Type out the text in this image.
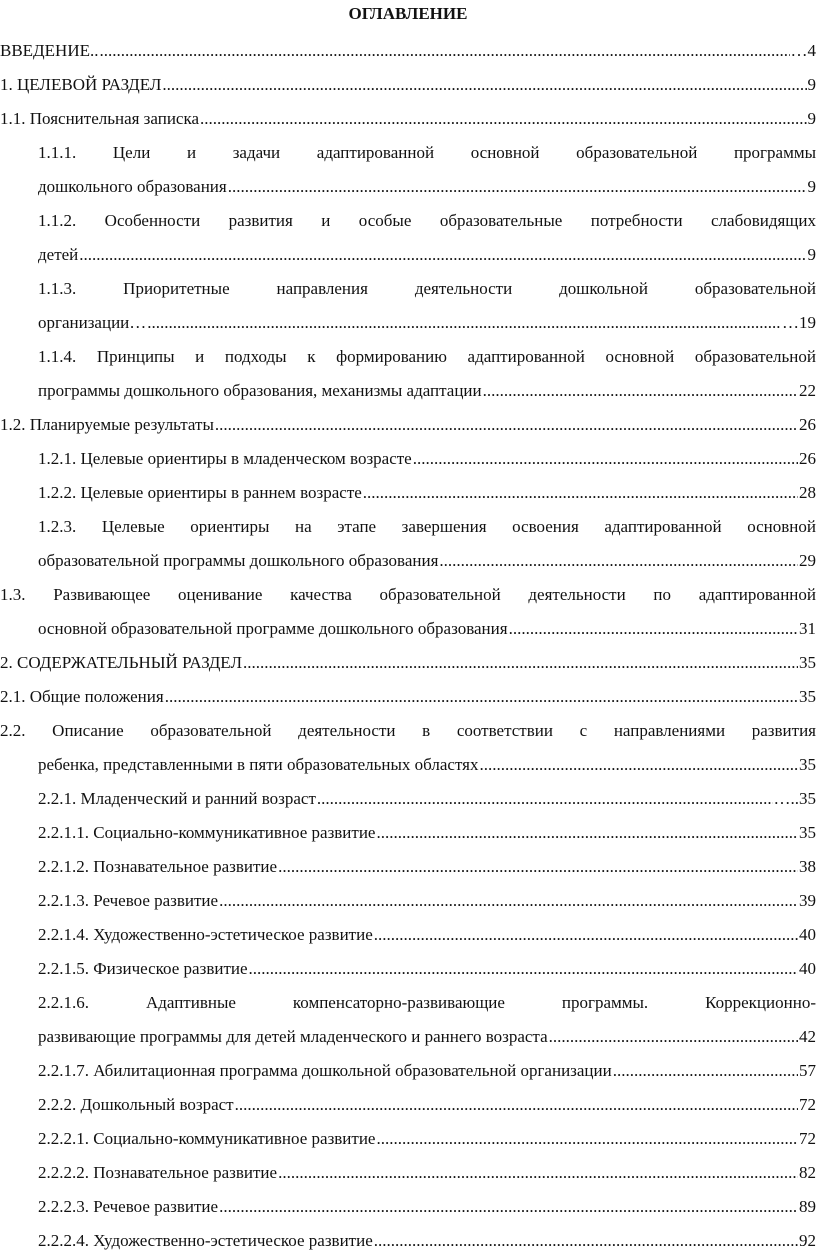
ОГЛАВЛЕНИЕ
ВВЕДЕНИЕ.. .....	… 4
1. ЦЕЛЕВОЙ РАЗДЕЛ .....	9
1.1. Пояснительная записка .....	9
1.1.1. Цели и задачи адаптированной основной образовательной программы
дошкольного образования .....	9
1.1.2. Особенности развития и особые образовательные потребности слабовидящих
детей .....	9
1.1.3. Приоритетные направления деятельности дошкольной образовательной
организации… .....	… 19
1.1.4. Принципы и подходы к формированию адаптированной основной образовательной
программы дошкольного образования, механизмы адаптации .....	22
1.2. Планируемые результаты .....	26
1.2.1. Целевые ориентиры в младенческом возрасте .....	26
1.2.2. Целевые ориентиры в раннем возрасте .....	28
1.2.3. Целевые ориентиры на этапе завершения освоения адаптированной основной
образовательной программы дошкольного образования .....	29
1.3. Развивающее оценивание качества образовательной деятельности по адаптированной
основной образовательной программе дошкольного образования .....	31
2. СОДЕРЖАТЕЛЬНЫЙ РАЗДЕЛ .....	35
2.1. Общие положения .....	35
2.2. Описание образовательной деятельности в соответствии с направлениями развития
ребенка, представленными в пяти образовательных областях .....	35
2.2.1. Младенческий и ранний возраст .....	….. 35
2.2.1.1. Социально-коммуникативное развитие .....	35
2.2.1.2. Познавательное развитие .....	38
2.2.1.3. Речевое развитие .....	39
2.2.1.4. Художественно-эстетическое развитие .....	40
2.2.1.5. Физическое развитие .....	40
2.2.1.6. Адаптивные компенсаторно-развивающие программы. Коррекционно-
развивающие программы для детей младенческого и раннего возраста .....	42
2.2.1.7. Абилитационная программа дошкольной образовательной организации .....	57
2.2.2. Дошкольный возраст .....	72
2.2.2.1. Социально-коммуникативное развитие .....	72
2.2.2.2. Познавательное развитие .....	82
2.2.2.3. Речевое развитие .....	89
2.2.2.4. Художественно-эстетическое развитие .....	92
